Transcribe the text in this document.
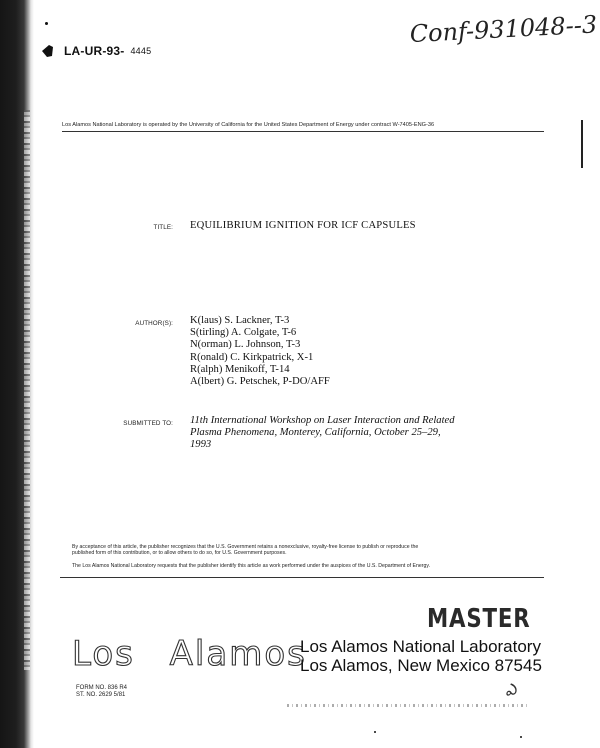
LA-UR-93- 4445
Conf-931048--3
Los Alamos National Laboratory is operated by the University of California for the United States Department of Energy under contract W-7405-ENG-36
TITLE: EQUILIBRIUM IGNITION FOR ICF CAPSULES
AUTHOR(S): K(laus) S. Lackner, T-3
S(tirling) A. Colgate, T-6
N(orman) L. Johnson, T-3
R(onald) C. Kirkpatrick, X-1
R(alph) Menikoff, T-14
A(lbert) G. Petschek, P-DO/AFF
SUBMITTED TO: 11th International Workshop on Laser Interaction and Related
Plasma Phenomena, Monterey, California, October 25–29,
1993
By acceptance of this article, the publisher recognizes that the U.S. Government retains a nonexclusive, royalty-free license to publish or reproduce the
published form of this contribution, or to allow others to do so, for U.S. Government purposes.
The Los Alamos National Laboratory requests that the publisher identify this article as work performed under the auspices of the U.S. Department of Energy.
MASTER
Los Alamos
Los Alamos National Laboratory
Los Alamos, New Mexico 87545
FORM NO. 836 R4
ST. NO. 2629 5/81	ఎ
